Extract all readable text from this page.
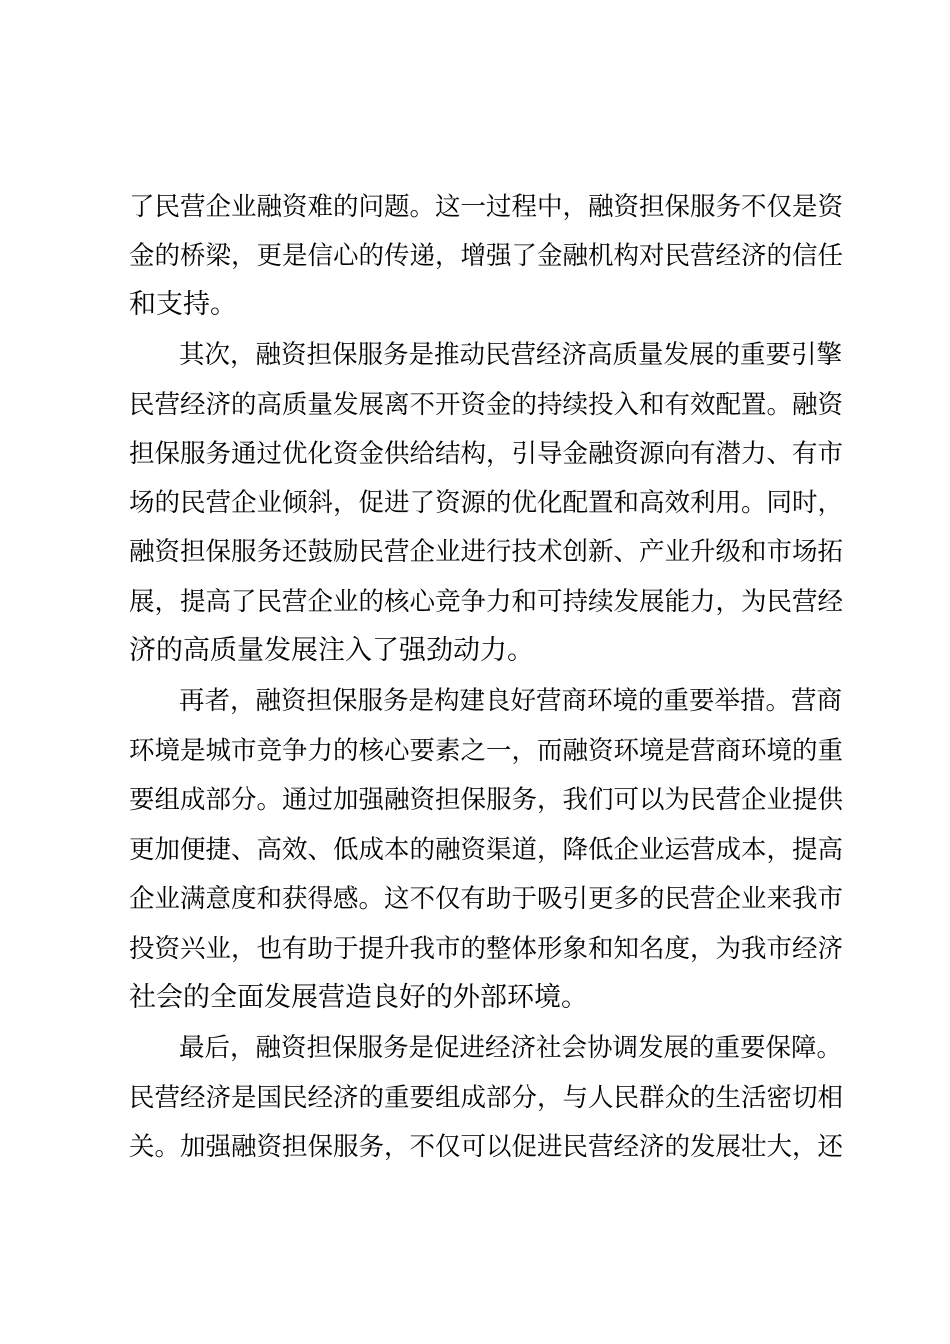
了民营企业融资难的问题。这一过程中，融资担保服务不仅是资
金的桥梁，更是信心的传递，增强了金融机构对民营经济的信任
和支持。
其次，融资担保服务是推动民营经济高质量发展的重要引擎
民营经济的高质量发展离不开资金的持续投入和有效配置。融资
担保服务通过优化资金供给结构，引导金融资源向有潜力、有市
场的民营企业倾斜，促进了资源的优化配置和高效利用。同时，
融资担保服务还鼓励民营企业进行技术创新、产业升级和市场拓
展，提高了民营企业的核心竞争力和可持续发展能力，为民营经
济的高质量发展注入了强劲动力。
再者，融资担保服务是构建良好营商环境的重要举措。营商
环境是城市竞争力的核心要素之一，而融资环境是营商环境的重
要组成部分。通过加强融资担保服务，我们可以为民营企业提供
更加便捷、高效、低成本的融资渠道，降低企业运营成本，提高
企业满意度和获得感。这不仅有助于吸引更多的民营企业来我市
投资兴业，也有助于提升我市的整体形象和知名度，为我市经济
社会的全面发展营造良好的外部环境。
最后，融资担保服务是促进经济社会协调发展的重要保障。
民营经济是国民经济的重要组成部分，与人民群众的生活密切相
关。加强融资担保服务，不仅可以促进民营经济的发展壮大，还
